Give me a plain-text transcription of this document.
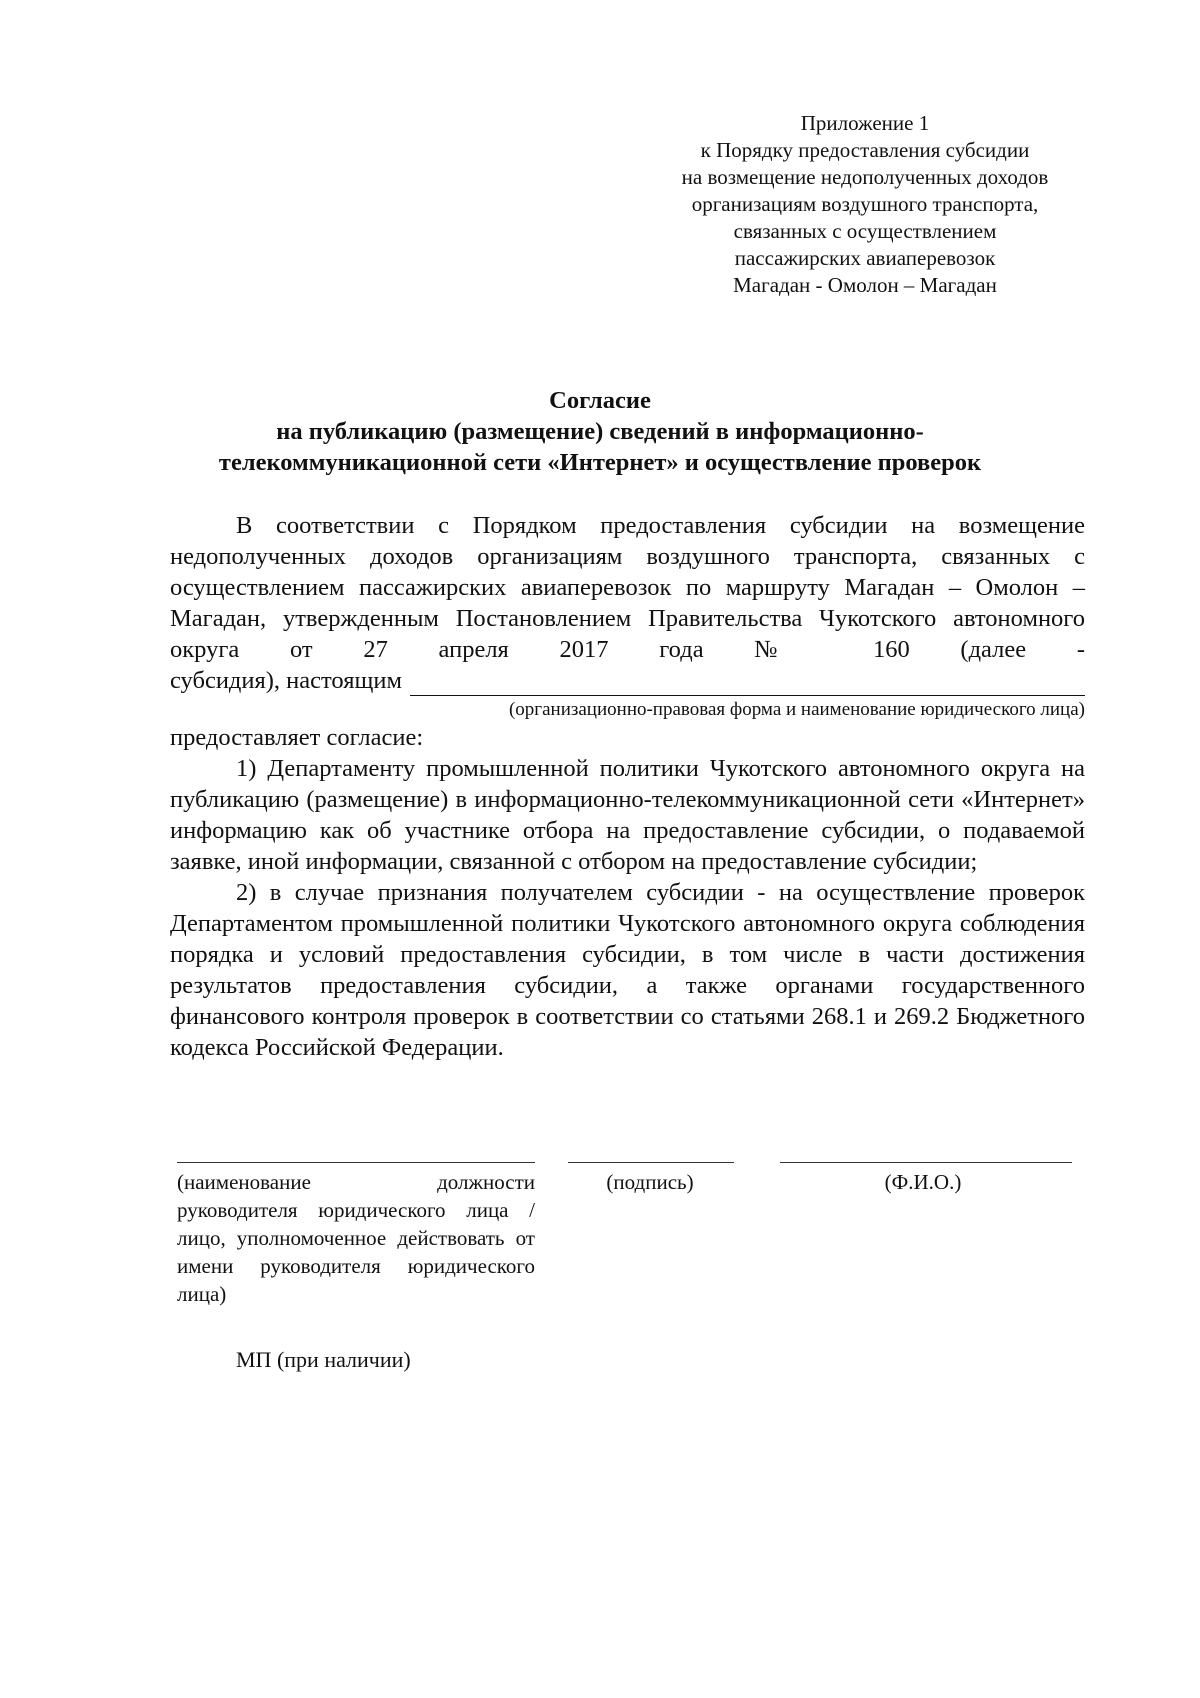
Приложение 1
к Порядку предоставления субсидии
на возмещение недополученных доходов
организациям воздушного транспорта,
связанных с осуществлением
пассажирских авиаперевозок
Магадан - Омолон – Магадан
Согласие
на публикацию (размещение) сведений в информационно-
телекоммуникационной сети «Интернет» и осуществление проверок

В соответствии с Порядком предоставления субсидии на возмещение недополученных доходов организациям воздушного транспорта, связанных с осуществлением пассажирских авиаперевозок по маршруту Магадан – Омолон – Магадан, утвержденным Постановлением Правительства Чукотского автономного округа от 27 апреля 2017 года № 160 (далее -

субсидия), настоящим
(организационно-правовая форма и наименование юридического лица)

предоставляет согласие:

1) Департаменту промышленной политики Чукотского автономного округа на публикацию (размещение) в информационно-телекоммуникационной сети «Интернет» информацию как об участнике отбора на предоставление субсидии, о подаваемой заявке, иной информации, связанной с отбором на предоставление субсидии;

2) в случае признания получателем субсидии - на осуществление проверок Департаментом промышленной политики Чукотского автономного округа соблюдения порядка и условий предоставления субсидии, в том числе в части достижения результатов предоставления субсидии, а также органами государственного финансового контроля проверок в соответствии со статьями 268.1 и 269.2 Бюджетного кодекса Российской Федерации.

(наименование должности руководителя юридического лица / лицо, уполномоченное действовать от имени руководителя юридического лица)
(подпись)	(Ф.И.О.)
МП (при наличии)
